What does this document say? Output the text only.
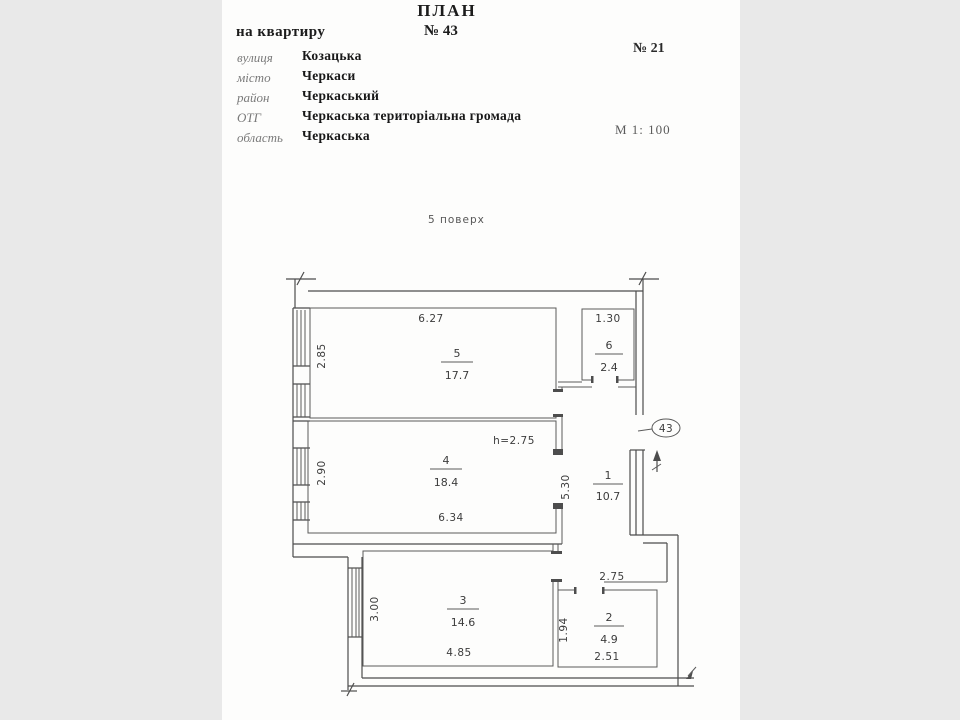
ПЛАН
на квартиру	№ 43
№ 21
М 1: 100
вулиця Козацька
місто Черкаси
район Черкаський
ОТГ	Черкаська територіальна громада
область Черкаська
5 поверх
43
5
17.7
6
2.4
4
18.4
1
10.7
3
14.6	2
4.9
6.27
2.85
1.30
h=2.75
2.90
6.34
5.30
3.00
4.85
2.75
1.94
2.51
